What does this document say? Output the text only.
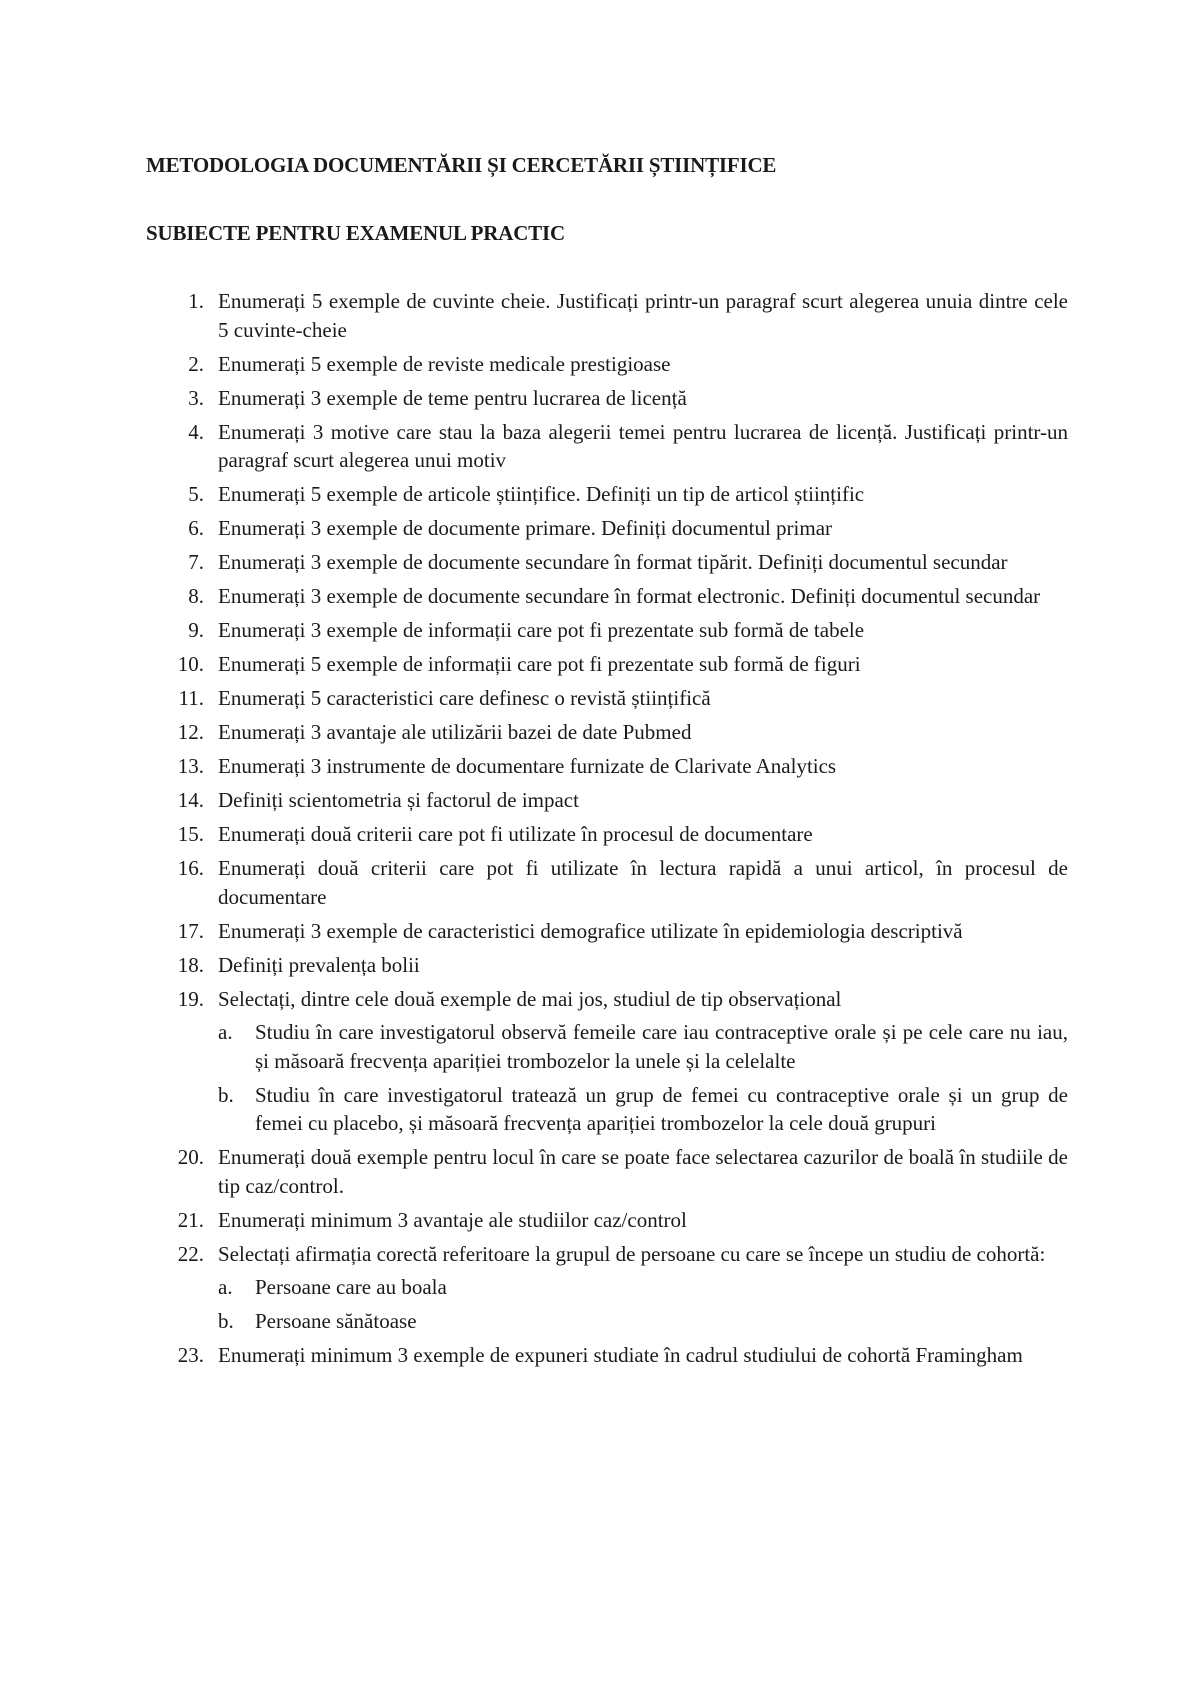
METODOLOGIA DOCUMENTĂRII ȘI CERCETĂRII ȘTIINȚIFICE
SUBIECTE PENTRU EXAMENUL PRACTIC
1. Enumerați 5 exemple de cuvinte cheie. Justificați printr-un paragraf scurt alegerea unuia dintre cele 5 cuvinte-cheie
2. Enumerați 5 exemple de reviste medicale prestigioase
3. Enumerați 3 exemple de teme pentru lucrarea de licență
4. Enumerați 3 motive care stau la baza alegerii temei pentru lucrarea de licență. Justificați printr-un paragraf scurt alegerea unui motiv
5. Enumerați 5 exemple de articole științifice. Definiți un tip de articol științific
6. Enumerați 3 exemple de documente primare. Definiți documentul primar
7. Enumerați 3 exemple de documente secundare în format tipărit. Definiți documentul secundar
8. Enumerați 3 exemple de documente secundare în format electronic. Definiți documentul secundar
9. Enumerați 3 exemple de informații care pot fi prezentate sub formă de tabele
10. Enumerați 5 exemple de informații care pot fi prezentate sub formă de figuri
11. Enumerați 5 caracteristici care definesc o revistă științifică
12. Enumerați 3 avantaje ale utilizării bazei de date Pubmed
13. Enumerați 3 instrumente de documentare furnizate de Clarivate Analytics
14. Definiți scientometria și factorul de impact
15. Enumerați două criterii care pot fi utilizate în procesul de documentare
16. Enumerați două criterii care pot fi utilizate în lectura rapidă a unui articol, în procesul de documentare
17. Enumerați 3 exemple de caracteristici demografice utilizate în epidemiologia descriptivă
18. Definiți prevalența bolii
19. Selectați, dintre cele două exemple de mai jos, studiul de tip observațional
a. Studiu în care investigatorul observă femeile care iau contraceptive orale și pe cele care nu iau, și măsoară frecvența apariției trombozelor la unele și la celelalte
b. Studiu în care investigatorul tratează un grup de femei cu contraceptive orale și un grup de femei cu placebo, și măsoară frecvența apariției trombozelor la cele două grupuri
20. Enumerați două exemple pentru locul în care se poate face selectarea cazurilor de boală în studiile de tip caz/control.
21. Enumerați minimum 3 avantaje ale studiilor caz/control
22. Selectați afirmația corectă referitoare la grupul de persoane cu care se începe un studiu de cohortă:
a. Persoane care au boala
b. Persoane sănătoase
23. Enumerați minimum 3 exemple de expuneri studiate în cadrul studiului de cohortă Framingham
